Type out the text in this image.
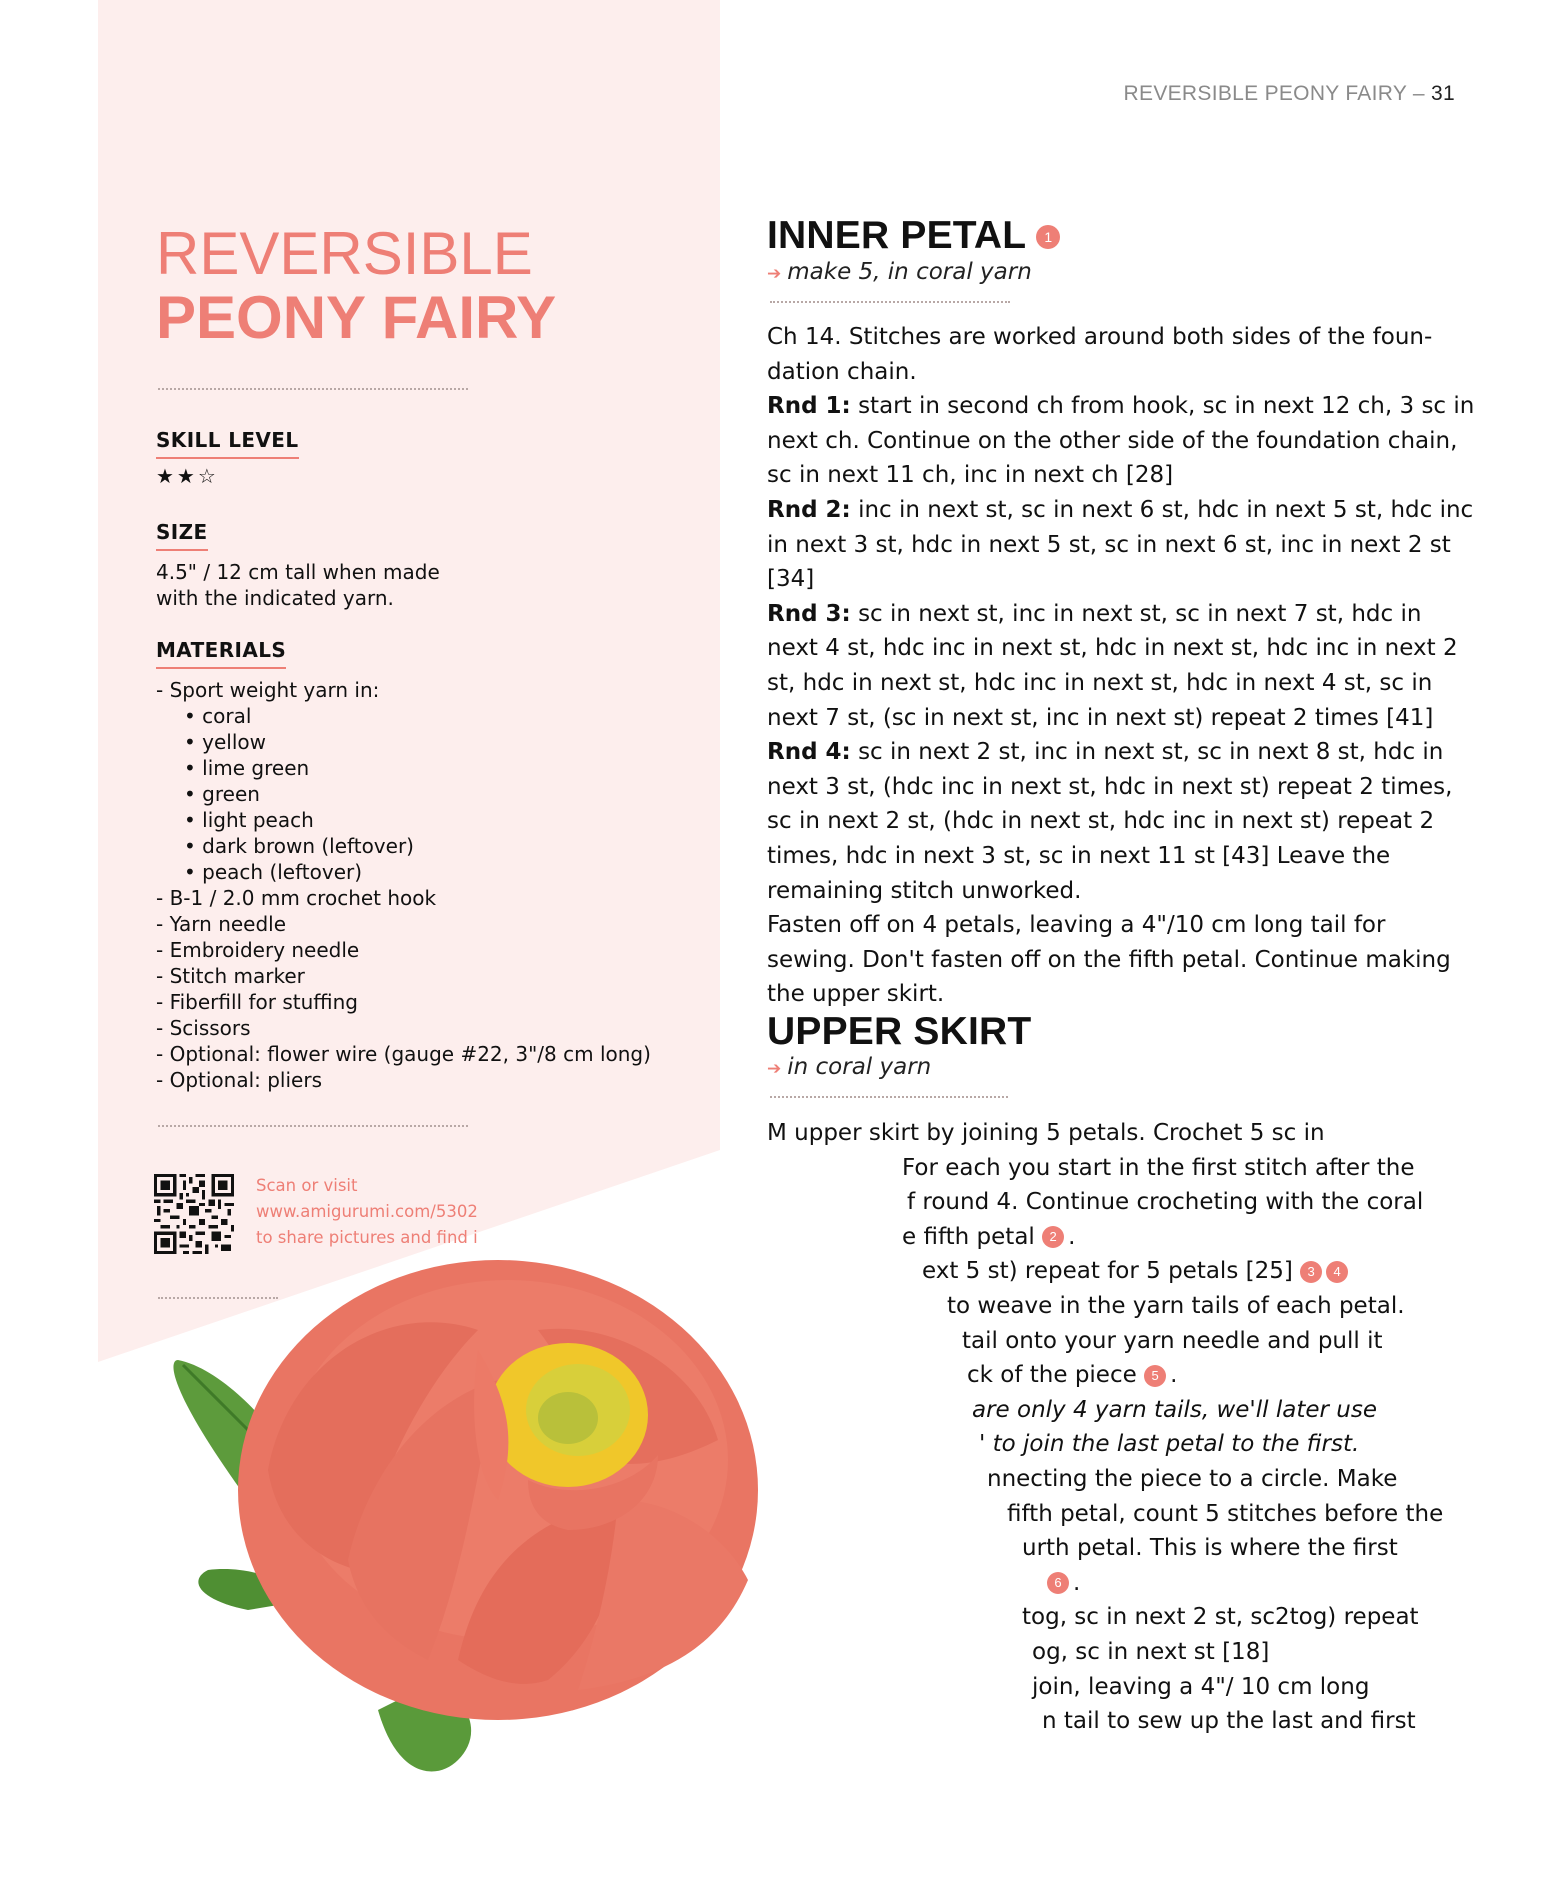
REVERSIBLE PEONY FAIRY – 31
REVERSIBLE
PEONY FAIRY
SKILL LEVEL
★★☆
SIZE
4.5" / 12 cm tall when made
with the indicated yarn.
MATERIALS
- Sport weight yarn in:
• coral
• yellow
• lime green
• green
• light peach
• dark brown (leftover)
• peach (leftover)
- B-1 / 2.0 mm crochet hook
- Yarn needle
- Embroidery needle
- Stitch marker
- Fiberfill for stuffing
- Scissors
- Optional: flower wire (gauge #22, 3"/8 cm long)
- Optional: pliers
Scan or visit
www.amigurumi.com/5302
to share pictures and find i
INNER PETAL 1
➔ make 5, in coral yarn

Ch 14. Stitches are worked around both sides of the foun-dation chain.

Rnd 1: start in second ch from hook, sc in next 12 ch, 3 sc in next ch. Continue on the other side of the foundation chain, sc in next 11 ch, inc in next ch [28]

Rnd 2: inc in next st, sc in next 6 st, hdc in next 5 st, hdc inc in next 3 st, hdc in next 5 st, sc in next 6 st, inc in next 2 st [34]

Rnd 3: sc in next st, inc in next st, sc in next 7 st, hdc in next 4 st, hdc inc in next st, hdc in next st, hdc inc in next 2 st, hdc in next st, hdc inc in next st, hdc in next 4 st, sc in next 7 st, (sc in next st, inc in next st) repeat 2 times [41]

Rnd 4: sc in next 2 st, inc in next st, sc in next 8 st, hdc in next 3 st, (hdc inc in next st, hdc in next st) repeat 2 times, sc in next 2 st, (hdc in next st, hdc inc in next st) repeat 2 times, hdc in next 3 st, sc in next 11 st [43] Leave the remaining stitch unworked.

Fasten off on 4 petals, leaving a 4"/10 cm long tail for sewing. Don't fasten off on the fifth petal. Continue making the upper skirt.

UPPER SKIRT
➔ in coral yarn
M upper skirt by joining 5 petals. Crochet 5 sc in
For each you start in the first stitch after the
f round 4. Continue crocheting with the coral
e fifth petal 2 .
ext 5 st) repeat for 5 petals [25] 3 4
to weave in the yarn tails of each petal.
tail onto your yarn needle and pull it
ck of the piece 5 .
are only 4 yarn tails, we'll later use
' to join the last petal to the first.
nnecting the piece to a circle. Make
fifth petal, count 5 stitches before the
urth petal. This is where the first
6 .
tog, sc in next 2 st, sc2tog) repeat
og, sc in next st [18]
join, leaving a 4"/ 10 cm long
n tail to sew up the last and first
